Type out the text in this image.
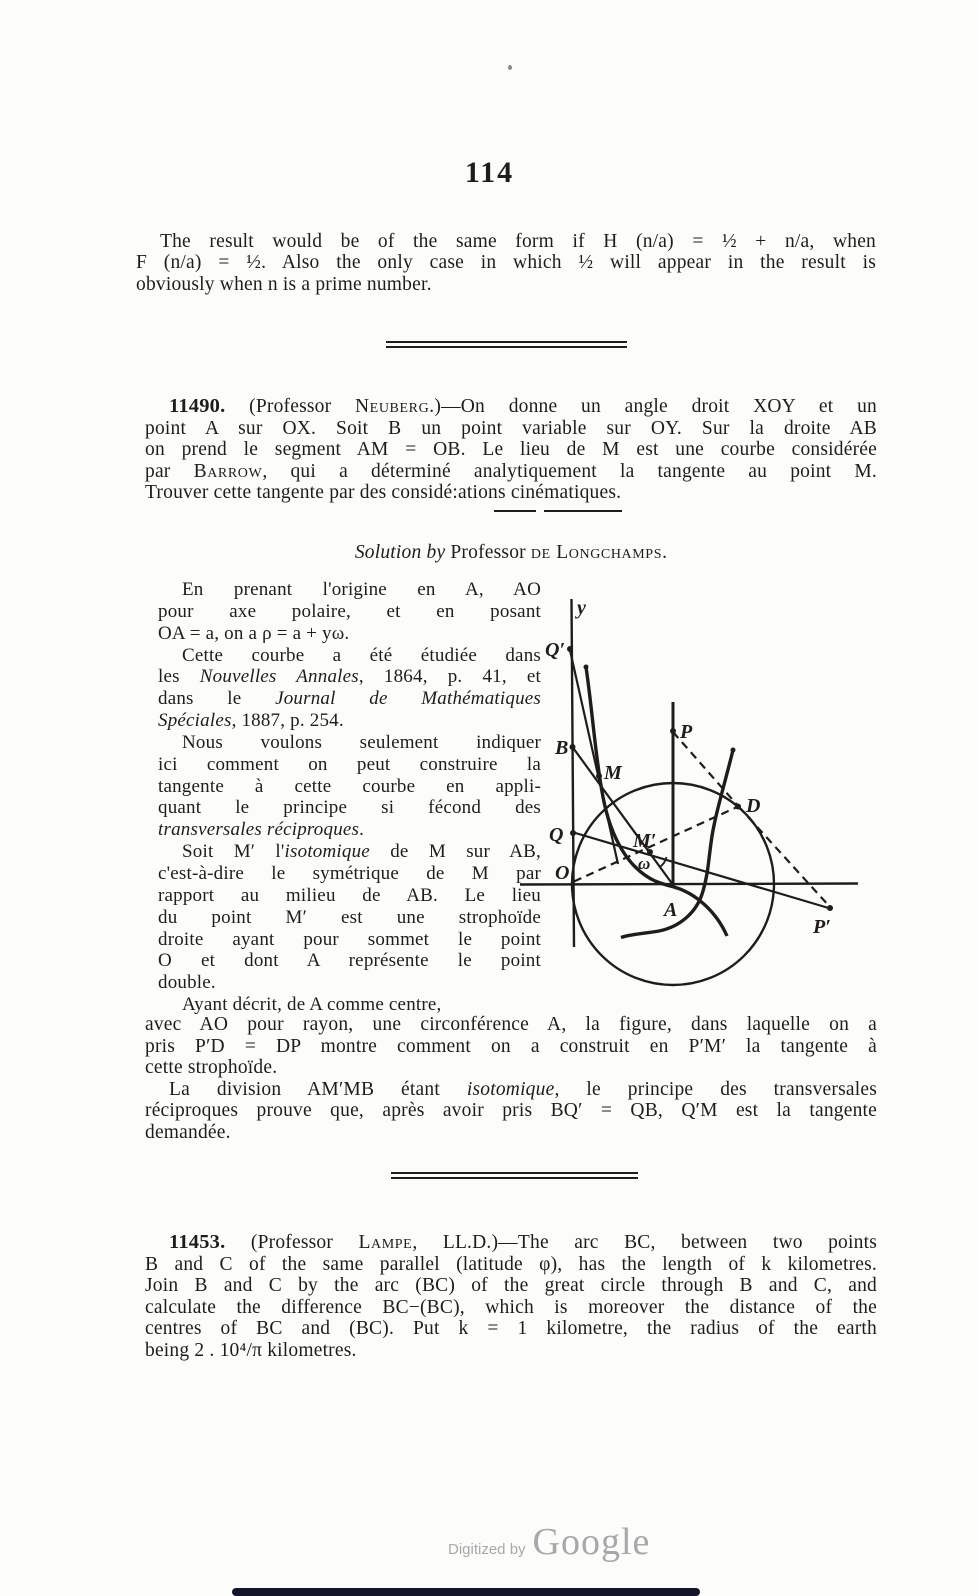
114
The result would be of the same form if H (n/a) = ½ + n/a, when
F (n/a) = ½. Also the only case in which ½ will appear in the result is
obviously when n is a prime number.
11490. (Professor Neuberg.)—On donne un angle droit XOY et un
point A sur OX. Soit B un point variable sur OY. Sur la droite AB
on prend le segment AM = OB. Le lieu de M est une courbe considérée
par Barrow, qui a déterminé analytiquement la tangente au point M.
Trouver cette tangente par des considé:ations cinématiques.
Solution by Professor de Longchamps.
En prenant l'origine en A, AO
pour axe polaire, et en posant
OA = a, on a ρ = a + yω.
Cette courbe a été étudiée dans
les Nouvelles Annales, 1864, p. 41, et
dans le Journal de Mathématiques
Spéciales, 1887, p. 254.
Nous voulons seulement indiquer
ici comment on peut construire la
tangente à cette courbe en appli-
quant le principe si fécond des
transversales réciproques.
Soit M′ l'isotomique de M sur AB,
c'est-à-dire le symétrique de M par
rapport au milieu de AB. Le lieu
du point M′ est une strophoïde
droite ayant pour sommet le point
O et dont A représente le point
double.
Ayant décrit, de A comme centre,
y
Q′
B
M
P
D
Q
O
M′
ω
A
P′
avec AO pour rayon, une circonférence A, la figure, dans laquelle on a
pris P′D = DP montre comment on a construit en P′M′ la tangente à
cette strophoïde.
La division AM′MB étant isotomique, le principe des transversales
réciproques prouve que, après avoir pris BQ′ = QB, Q′M est la tangente
demandée.
11453. (Professor Lampe, LL.D.)—The arc BC, between two points
B and C of the same parallel (latitude φ), has the length of k kilometres.
Join B and C by the arc (BC) of the great circle through B and C, and
calculate the difference BC−(BC), which is moreover the distance of the
centres of BC and (BC). Put k = 1 kilometre, the radius of the earth
being 2 . 10⁴/π kilometres.
Digitized by Google
